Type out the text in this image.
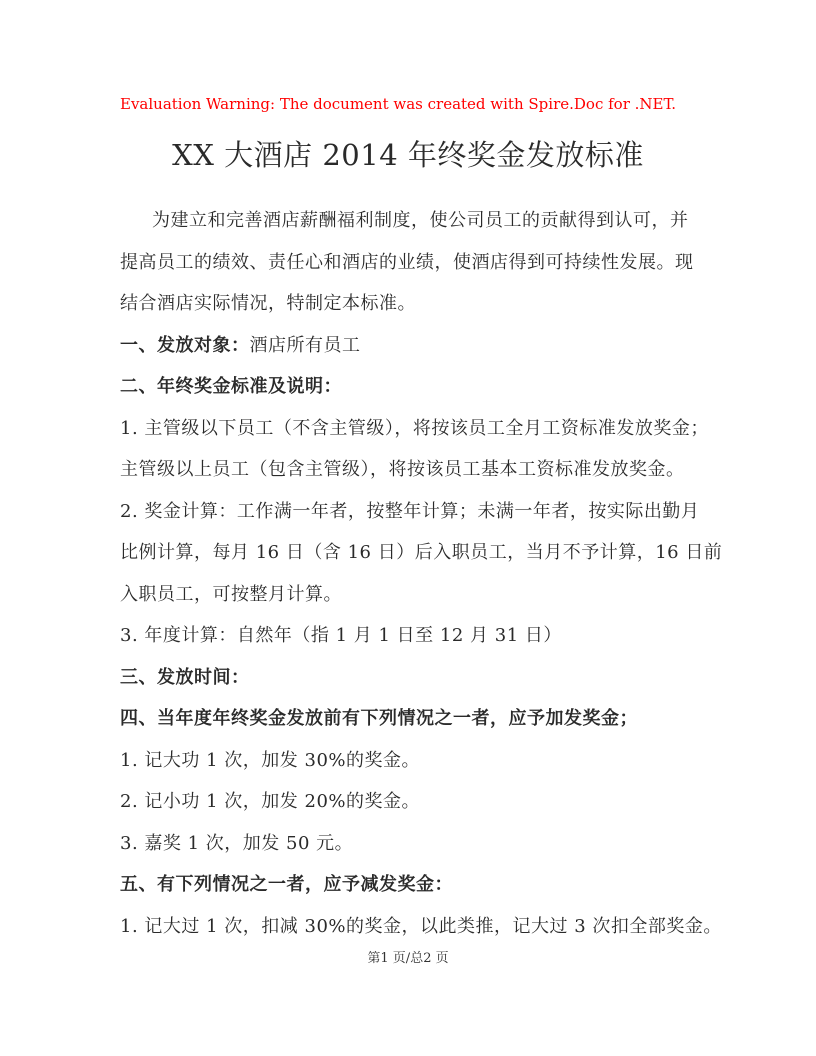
Evaluation Warning: The document was created with Spire.Doc for .NET.
XX 大酒店 2014 年终奖金发放标准
为建立和完善酒店薪酬福利制度，使公司员工的贡献得到认可，并
提高员工的绩效、责任心和酒店的业绩，使酒店得到可持续性发展。现
结合酒店实际情况，特制定本标准。
一、发放对象：酒店所有员工
二、年终奖金标准及说明：
1. 主管级以下员工（不含主管级），将按该员工全月工资标准发放奖金；
主管级以上员工（包含主管级），将按该员工基本工资标准发放奖金。
2. 奖金计算：工作满一年者，按整年计算；未满一年者，按实际出勤月
比例计算，每月 16 日（含 16 日）后入职员工，当月不予计算，16 日前
入职员工，可按整月计算。
3. 年度计算：自然年（指 1 月 1 日至 12 月 31 日）
三、发放时间：
四、当年度年终奖金发放前有下列情况之一者，应予加发奖金；
1. 记大功 1 次，加发 30%的奖金。
2. 记小功 1 次，加发 20%的奖金。
3. 嘉奖 1 次，加发 50 元。
五、有下列情况之一者，应予减发奖金：
1. 记大过 1 次，扣减 30%的奖金，以此类推，记大过 3 次扣全部奖金。
第1 页/总2 页
